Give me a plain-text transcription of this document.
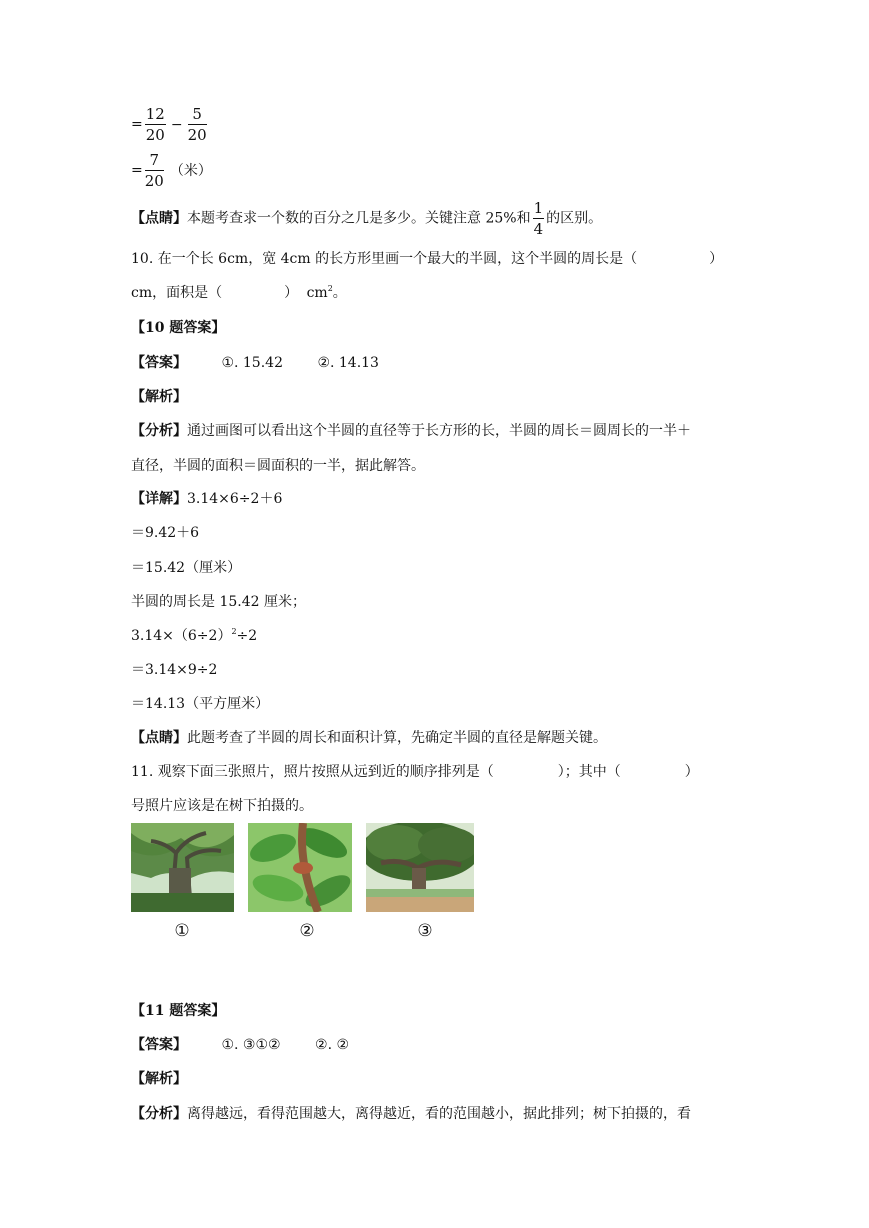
= $\frac{12}{20} - \frac{5}{20}$
= $\frac{7}{20}$ （米）
【点睛】本题考查求一个数的百分之几是多少。关键注意 25%和 $\frac{1}{4}$ 的区别。
10. 在一个长 6cm，宽 4cm 的长方形里画一个最大的半圆，这个半圆的周长是（	）
cm，面积是（	） $cm^2$。
【10 题答案】
【答案】 ①. 15.42 ②. 14.13
【解析】
【分析】通过画图可以看出这个半圆的直径等于长方形的长，半圆的周长＝圆周长的一半＋
直径，半圆的面积＝圆面积的一半，据此解答。
【详解】3.14×6÷2＋6
＝9.42＋6
＝15.42（厘米）
半圆的周长是 15.42 厘米；
$3.14\times(6\div 2)^2\div 2$
＝3.14×9÷2
＝14.13（平方厘米）
【点睛】此题考查了半圆的周长和面积计算，先确定半圆的直径是解题关键。
11. 观察下面三张照片，照片按照从远到近的顺序排列是（	）；其中（	）
号照片应该是在树下拍摄的。
①	②	③
【11 题答案】
【答案】 ①. ③①② ②. ②
【解析】
【分析】离得越远，看得范围越大，离得越近，看的范围越小，据此排列；树下拍摄的，看
